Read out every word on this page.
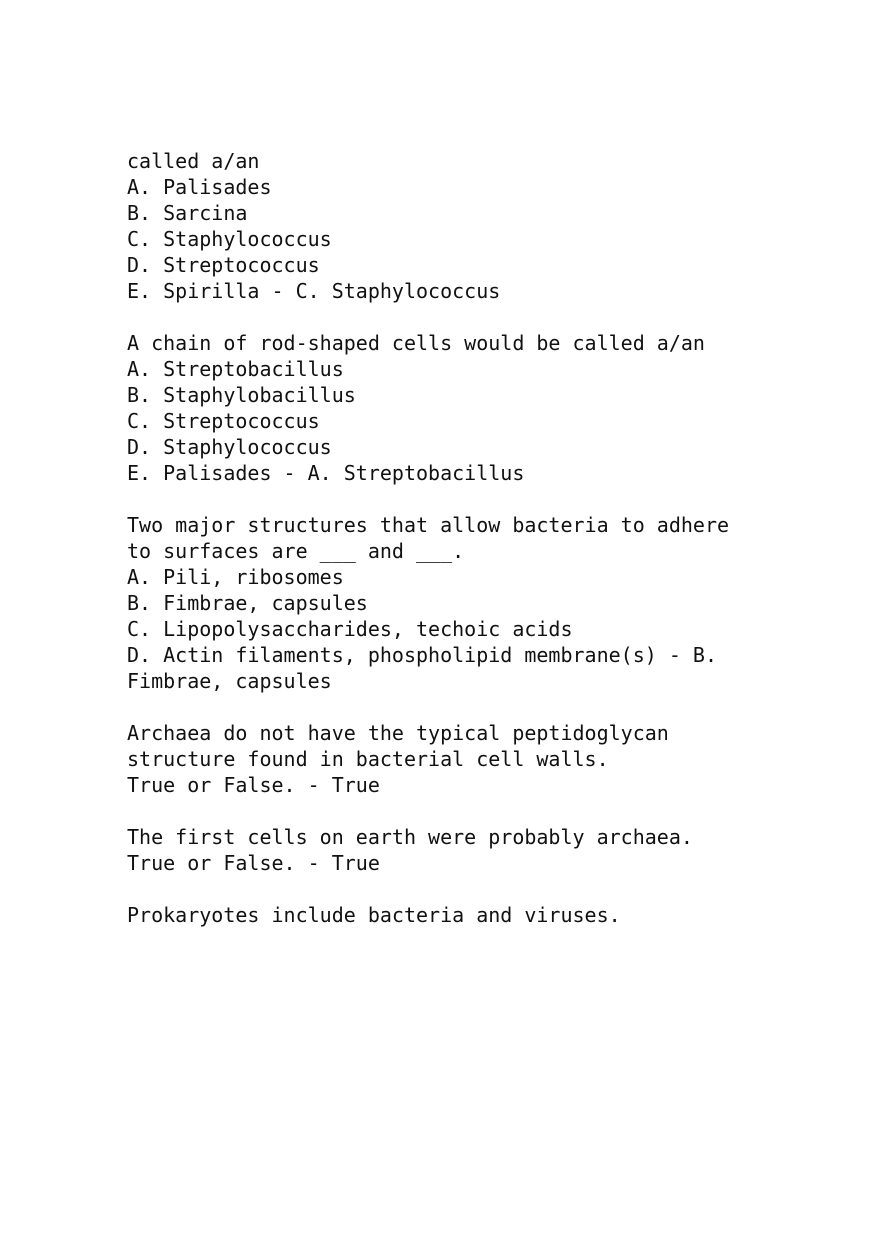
called a/an
A. Palisades
B. Sarcina
C. Staphylococcus
D. Streptococcus
E. Spirilla - C. Staphylococcus
A chain of rod-shaped cells would be called a/an
A. Streptobacillus
B. Staphylobacillus
C. Streptococcus
D. Staphylococcus
E. Palisades - A. Streptobacillus
Two major structures that allow bacteria to adhere
to surfaces are ___ and ___.
A. Pili, ribosomes
B. Fimbrae, capsules
C. Lipopolysaccharides, techoic acids
D. Actin filaments, phospholipid membrane(s) - B.
Fimbrae, capsules
Archaea do not have the typical peptidoglycan
structure found in bacterial cell walls.
True or False. - True
The first cells on earth were probably archaea.
True or False. - True
Prokaryotes include bacteria and viruses.
